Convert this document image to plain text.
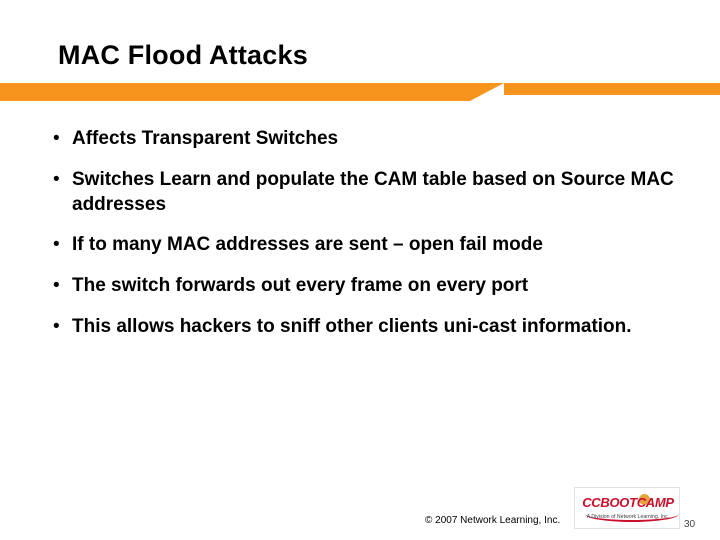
MAC Flood Attacks
• Affects Transparent Switches
• Switches Learn and populate the CAM table based on Source MAC addresses
• If to many MAC addresses are sent – open fail mode
• The switch forwards out every frame on every port
• This allows hackers to sniff other clients uni-cast information.
© 2007 Network Learning, Inc.	30
CCBOOTCAMP
A Division of Network Learning, Inc.
